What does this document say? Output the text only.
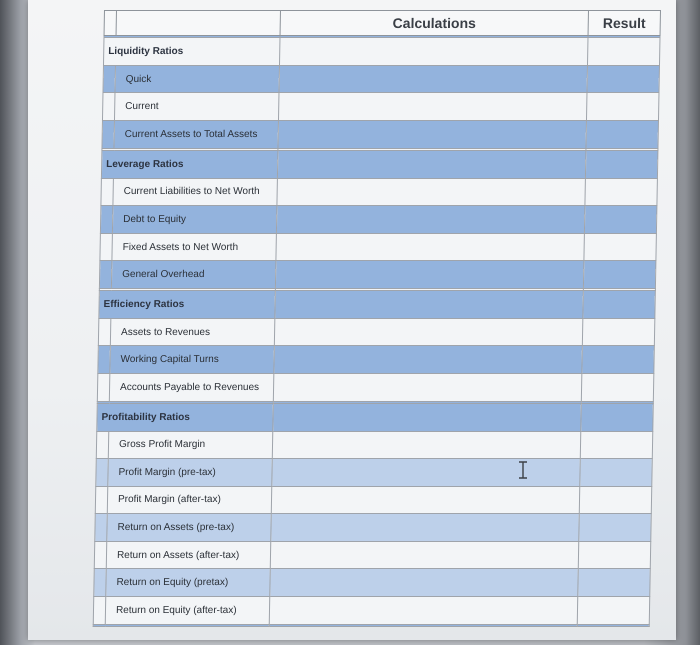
		Calculations	Result

Liquidity Ratios			
	Quick		
	Current		
	Current Assets to Total Assets		

Leverage Ratios			
	Current Liabilities to Net Worth		
	Debt to Equity		
	Fixed Assets to Net Worth		
	General Overhead		

Efficiency Ratios			
	Assets to Revenues		
	Working Capital Turns		
	Accounts Payable to Revenues		

Profitability Ratios			
	Gross Profit Margin		
	Profit Margin (pre-tax)		
	Profit Margin (after-tax)		
	Return on Assets (pre-tax)		
	Return on Assets (after-tax)		
	Return on Equity (pretax)		
	Return on Equity (after-tax)		
